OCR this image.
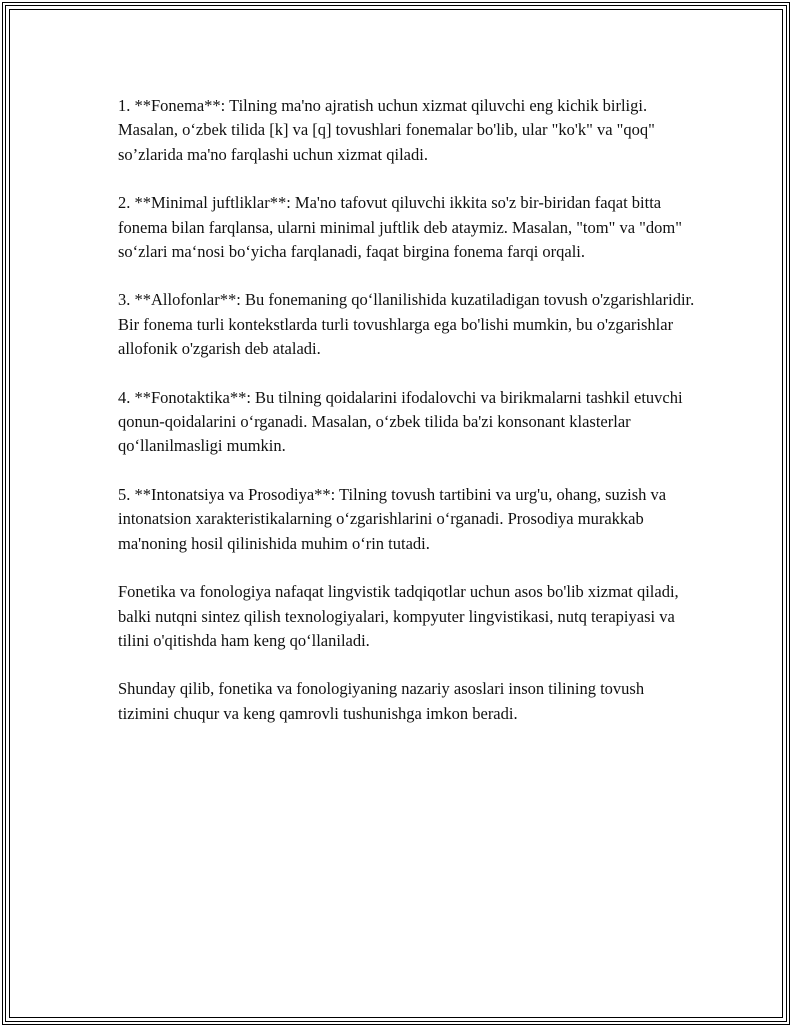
1. **Fonema**: Tilning ma'no ajratish uchun xizmat qiluvchi eng kichik birligi. Masalan, o‘zbek tilida [k] va [q] tovushlari fonemalar bo'lib, ular "ko'k" va "qoq" so’zlarida ma'no farqlashi uchun xizmat qiladi.

2. **Minimal juftliklar**: Ma'no tafovut qiluvchi ikkita so'z bir-biridan faqat bitta fonema bilan farqlansa, ularni minimal juftlik deb ataymiz. Masalan, "tom" va "dom" so‘zlari ma‘nosi bo‘yicha farqlanadi, faqat birgina fonema farqi orqali.

3. **Allofonlar**: Bu fonemaning qo‘llanilishida kuzatiladigan tovush o'zgarishlaridir. Bir fonema turli kontekstlarda turli tovushlarga ega bo'lishi mumkin, bu o'zgarishlar allofonik o'zgarish deb ataladi.

4. **Fonotaktika**: Bu tilning qoidalarini ifodalovchi va birikmalarni tashkil etuvchi qonun-qoidalarini o‘rganadi. Masalan, o‘zbek tilida ba'zi konsonant klasterlar qo‘llanilmasligi mumkin.

5. **Intonatsiya va Prosodiya**: Tilning tovush tartibini va urg'u, ohang, suzish va intonatsion xarakteristikalarning o‘zgarishlarini o‘rganadi. Prosodiya murakkab ma'noning hosil qilinishida muhim o‘rin tutadi.

Fonetika va fonologiya nafaqat lingvistik tadqiqotlar uchun asos bo'lib xizmat qiladi, balki nutqni sintez qilish texnologiyalari, kompyuter lingvistikasi, nutq terapiyasi va tilini o'qitishda ham keng qo‘llaniladi.

Shunday qilib, fonetika va fonologiyaning nazariy asoslari inson tilining tovush tizimini chuqur va keng qamrovli tushunishga imkon beradi.
